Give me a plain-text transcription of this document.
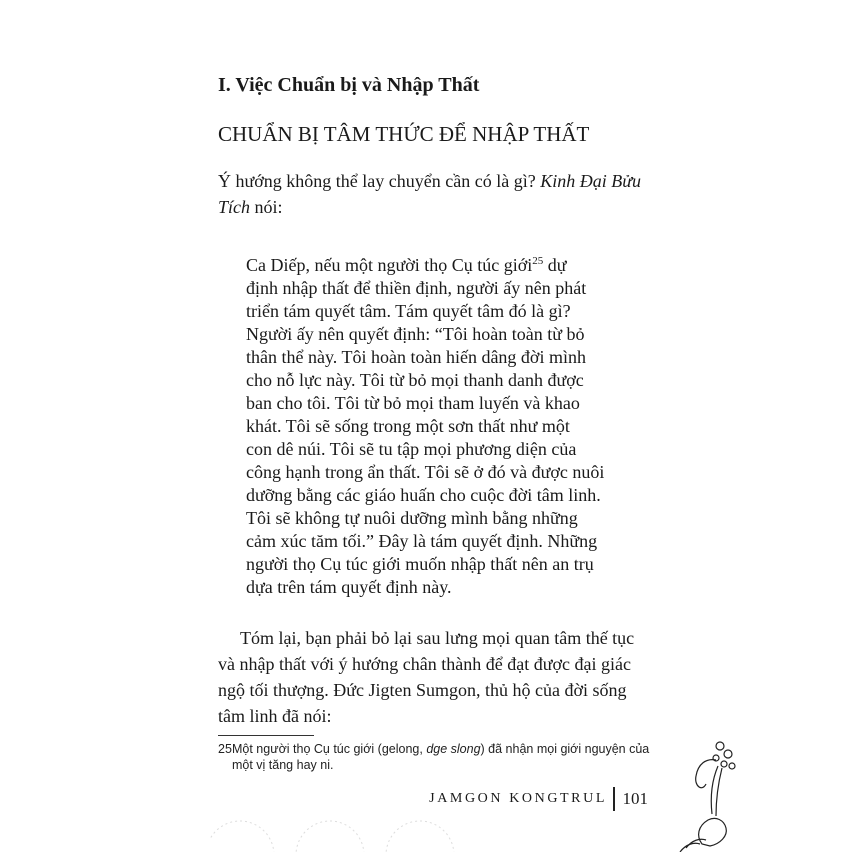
I. Việc Chuẩn bị và Nhập Thất
CHUẨN BỊ TÂM THỨC ĐỂ NHẬP THẤT
Ý hướng không thể lay chuyển cần có là gì? Kinh Đại Bửu
Tích nói:
Ca Diếp, nếu một người thọ Cụ túc giới$^{25}$ dự
định nhập thất để thiền định, người ấy nên phát
triển tám quyết tâm. Tám quyết tâm đó là gì?
Người ấy nên quyết định: “Tôi hoàn toàn từ bỏ
thân thể này. Tôi hoàn toàn hiến dâng đời mình
cho nỗ lực này. Tôi từ bỏ mọi thanh danh được
ban cho tôi. Tôi từ bỏ mọi tham luyến và khao
khát. Tôi sẽ sống trong một sơn thất như một
con dê núi. Tôi sẽ tu tập mọi phương diện của
công hạnh trong ẩn thất. Tôi sẽ ở đó và được nuôi
dưỡng bằng các giáo huấn cho cuộc đời tâm linh.
Tôi sẽ không tự nuôi dưỡng mình bằng những
cảm xúc tăm tối.” Đây là tám quyết định. Những
người thọ Cụ túc giới muốn nhập thất nên an trụ
dựa trên tám quyết định này.
Tóm lại, bạn phải bỏ lại sau lưng mọi quan tâm thế tục
và nhập thất với ý hướng chân thành để đạt được đại giác
ngộ tối thượng. Đức Jigten Sumgon, thủ hộ của đời sống
tâm linh đã nói:
25Một người thọ Cụ túc giới (gelong, dge slong) đã nhận mọi giới nguyện của
một vị tăng hay ni.
JAMGON KONGTRUL 101
